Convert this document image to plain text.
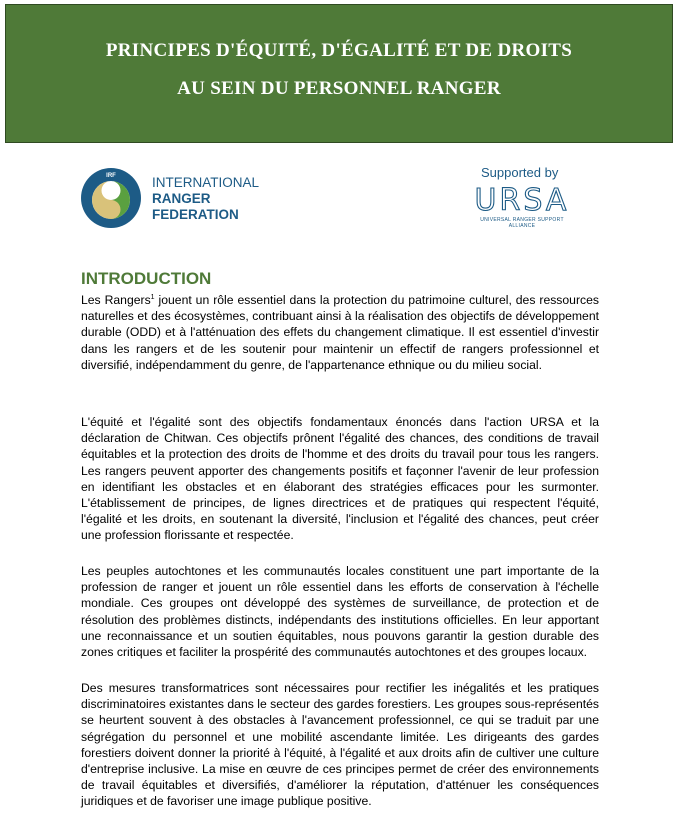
PRINCIPES D'ÉQUITÉ, D'ÉGALITÉ ET DE DROITS
AU SEIN DU PERSONNEL RANGER
IRF	INTERNATIONAL
RANGER
FEDERATION
Supported by
URSA
UNIVERSAL RANGER SUPPORT ALLIANCE
INTRODUCTION
Les Rangers$^1$ jouent un rôle essentiel dans la protection du patrimoine culturel, des ressources naturelles et des écosystèmes, contribuant ainsi à la réalisation des objectifs de développement durable (ODD) et à l'atténuation des effets du changement climatique. Il est essentiel d'investir dans les rangers et de les soutenir pour maintenir un effectif de rangers professionnel et diversifié, indépendamment du genre, de l'appartenance ethnique ou du milieu social.
L'équité et l'égalité sont des objectifs fondamentaux énoncés dans l'action URSA et la déclaration de Chitwan. Ces objectifs prônent l'égalité des chances, des conditions de travail équitables et la protection des droits de l'homme et des droits du travail pour tous les rangers. Les rangers peuvent apporter des changements positifs et façonner l'avenir de leur profession en identifiant les obstacles et en élaborant des stratégies efficaces pour les surmonter. L'établissement de principes, de lignes directrices et de pratiques qui respectent l'équité, l'égalité et les droits, en soutenant la diversité, l'inclusion et l'égalité des chances, peut créer une profession florissante et respectée.
Les peuples autochtones et les communautés locales constituent une part importante de la profession de ranger et jouent un rôle essentiel dans les efforts de conservation à l'échelle mondiale. Ces groupes ont développé des systèmes de surveillance, de protection et de résolution des problèmes distincts, indépendants des institutions officielles. En leur apportant une reconnaissance et un soutien équitables, nous pouvons garantir la gestion durable des zones critiques et faciliter la prospérité des communautés autochtones et des groupes locaux.
Des mesures transformatrices sont nécessaires pour rectifier les inégalités et les pratiques discriminatoires existantes dans le secteur des gardes forestiers. Les groupes sous-représentés se heurtent souvent à des obstacles à l'avancement professionnel, ce qui se traduit par une ségrégation du personnel et une mobilité ascendante limitée. Les dirigeants des gardes forestiers doivent donner la priorité à l'équité, à l'égalité et aux droits afin de cultiver une culture d'entreprise inclusive. La mise en œuvre de ces principes permet de créer des environnements de travail équitables et diversifiés, d'améliorer la réputation, d'atténuer les conséquences juridiques et de favoriser une image publique positive.
